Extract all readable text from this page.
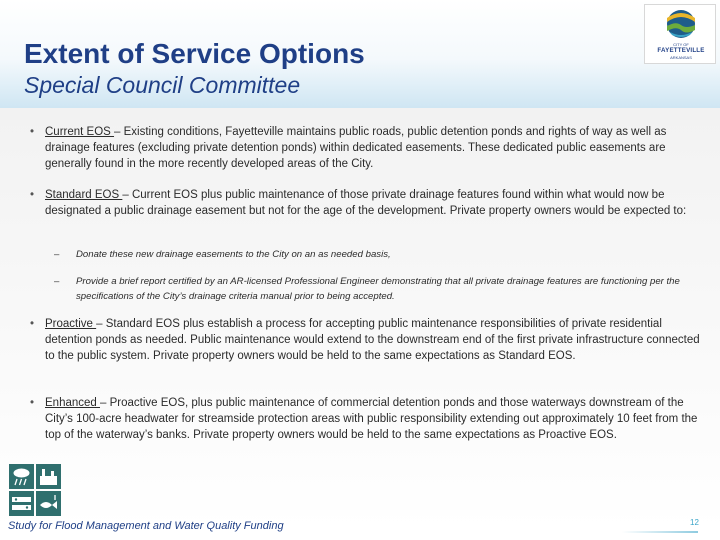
Extent of Service Options
Special Council Committee
CITY OF
FAYETTEVILLE
ARKANSAS
• Current EOS – Existing conditions, Fayetteville maintains public roads, public detention ponds and rights of way as well as drainage features (excluding private detention ponds) within dedicated easements. These dedicated public easements are generally found in the more recently developed areas of the City.
• Standard EOS – Current EOS plus public maintenance of those private drainage features found within what would now be designated a public drainage easement but not for the age of the development. Private property owners would be expected to:
–	Donate these new drainage easements to the City on an as needed basis,
–	Provide a brief report certified by an AR-licensed Professional Engineer demonstrating that all private drainage features are functioning per the specifications of the City’s drainage criteria manual prior to being accepted.
• Proactive – Standard EOS plus establish a process for accepting public maintenance responsibilities of private residential detention ponds as needed. Public maintenance would extend to the downstream end of the first private infrastructure connected to the public system. Private property owners would be held to the same expectations as Standard EOS.
• Enhanced – Proactive EOS, plus public maintenance of commercial detention ponds and those waterways downstream of the City’s 100-acre headwater for streamside protection areas with public responsibility extending out approximately 10 feet from the top of the waterway’s banks. Private property owners would be held to the same expectations as Proactive EOS.
Study for Flood Management and Water Quality Funding	12
